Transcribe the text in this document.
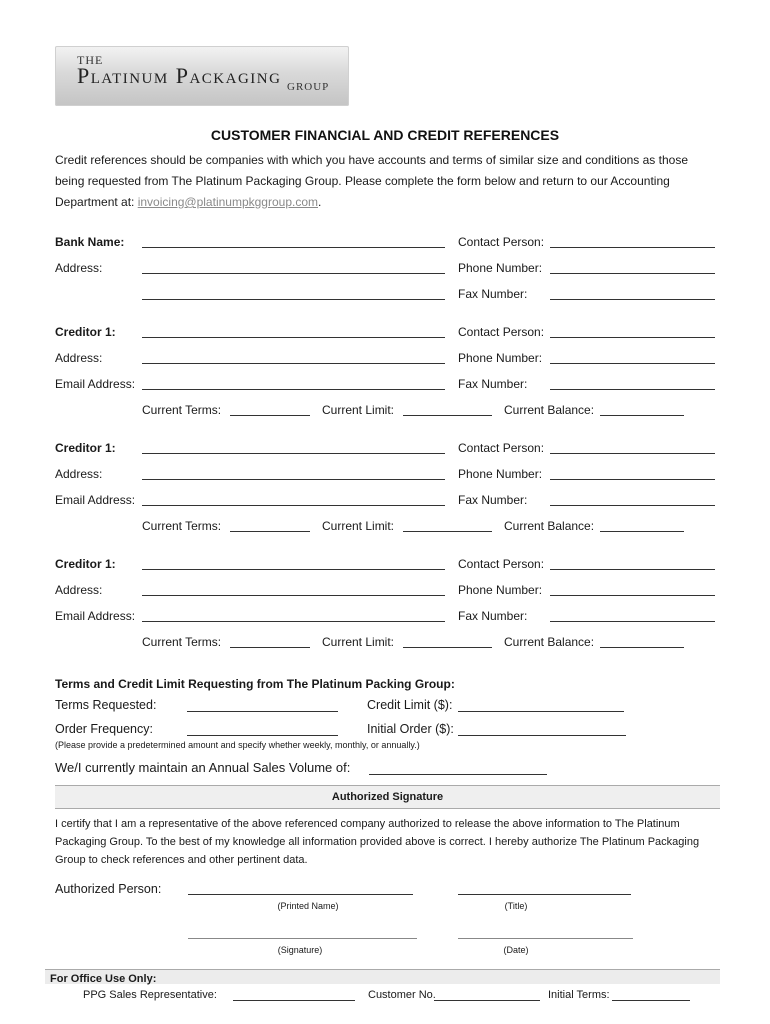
THE
Platinum Packaging GROUP
CUSTOMER FINANCIAL AND CREDIT REFERENCES
Credit references should be companies with which you have accounts and terms of similar size and conditions as those being requested from The Platinum Packaging Group. Please complete the form below and return to our Accounting Department at: invoicing@platinumpkggroup.com.
Bank Name:	Contact Person:
Address:	Phone Number:
Fax Number:
Creditor 1:	Contact Person:
Address:	Phone Number:
Email Address:	Fax Number:
Current Terms:	Current Limit:	Current Balance:
Creditor 1:	Contact Person:
Address:	Phone Number:
Email Address:	Fax Number:
Current Terms:	Current Limit:	Current Balance:
Creditor 1:	Contact Person:
Address:	Phone Number:
Email Address:	Fax Number:
Current Terms:	Current Limit:	Current Balance:
Terms and Credit Limit Requesting from The Platinum Packing Group:
Terms Requested:	Credit Limit ($):
Order Frequency:	Initial Order ($):
(Please provide a predetermined amount and specify whether weekly, monthly, or annually.)
We/I currently maintain an Annual Sales Volume of:
Authorized Signature
I certify that I am a representative of the above referenced company authorized to release the above information to The Platinum Packaging Group. To the best of my knowledge all information provided above is correct. I hereby authorize The Platinum Packaging Group to check references and other pertinent data.
Authorized Person:
(Printed Name)	(Title)
(Signature)	(Date)
For Office Use Only:
PPG Sales Representative:	Customer No.	Initial Terms:
